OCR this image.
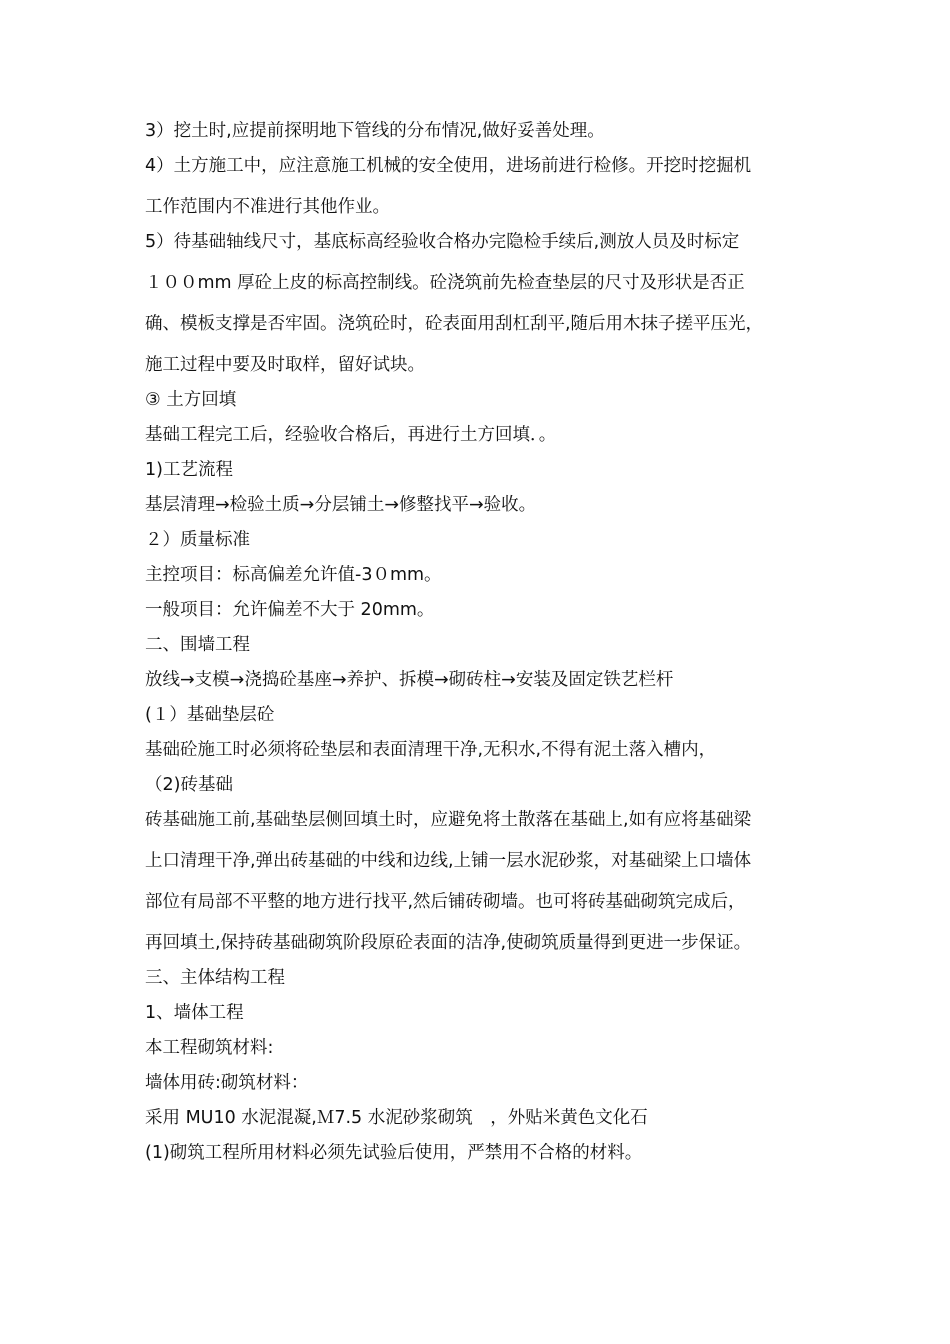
3）挖土时,应提前探明地下管线的分布情况,做好妥善处理。

4）土方施工中，应注意施工机械的安全使用，进场前进行检修。开挖时挖掘机

工作范围内不准进行其他作业。

5）待基础轴线尺寸，基底标高经验收合格办完隐检手续后,测放人员及时标定

１００mm 厚砼上皮的标高控制线。砼浇筑前先检查垫层的尺寸及形状是否正

确、模板支撑是否牢固。浇筑砼时，砼表面用刮杠刮平,随后用木抹子搓平压光，

施工过程中要及时取样，留好试块。

③ 土方回填

基础工程完工后，经验收合格后，再进行土方回填．。

1)工艺流程

基层清理→检验土质→分层铺土→修整找平→验收。

２）质量标准

主控项目：标高偏差允许值-3０mm。

一般项目：允许偏差不大于 20mm。

二、围墙工程

放线→支模→浇捣砼基座→养护、拆模→砌砖柱→安装及固定铁艺栏杆

(１）基础垫层砼

基础砼施工时必须将砼垫层和表面清理干净,无积水,不得有泥土落入槽内，

（2)砖基础

砖基础施工前,基础垫层侧回填土时，应避免将土散落在基础上,如有应将基础梁

上口清理干净,弹出砖基础的中线和边线,上铺一层水泥砂浆，对基础梁上口墙体

部位有局部不平整的地方进行找平,然后铺砖砌墙。也可将砖基础砌筑完成后，

再回填土,保持砖基础砌筑阶段原砼表面的洁净,使砌筑质量得到更进一步保证。

三、主体结构工程

1、墙体工程

本工程砌筑材料:

墙体用砖:砌筑材料：

采用 MU10 水泥混凝,Ｍ7.5 水泥砂浆砌筑　，外贴米黄色文化石

(1)砌筑工程所用材料必须先试验后使用，严禁用不合格的材料。
